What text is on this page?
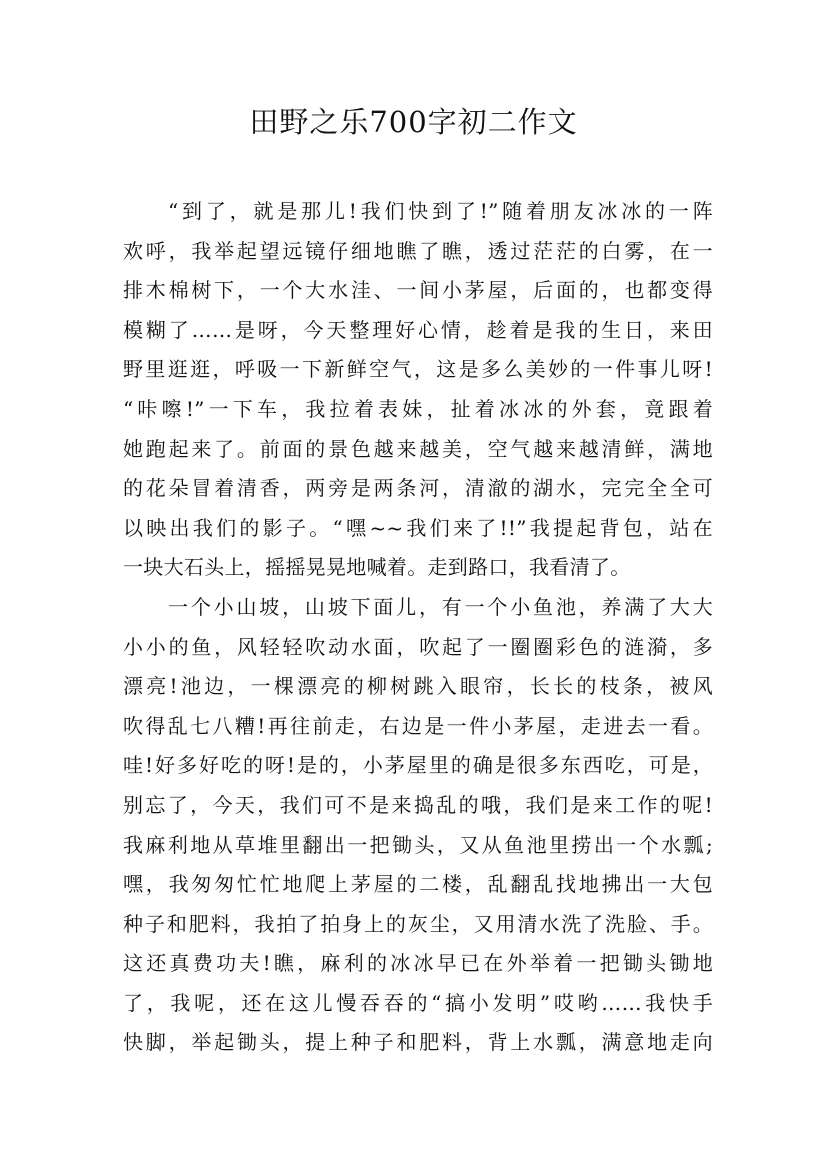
田野之乐700字初二作文
“到了，就是那儿!我们快到了!”随着朋友冰冰的一阵
欢呼，我举起望远镜仔细地瞧了瞧，透过茫茫的白雾，在一
排木棉树下，一个大水洼、一间小茅屋，后面的，也都变得
模糊了……是呀，今天整理好心情，趁着是我的生日，来田
野里逛逛，呼吸一下新鲜空气，这是多么美妙的一件事儿呀!
“咔嚓!”一下车，我拉着表妹，扯着冰冰的外套，竟跟着
她跑起来了。前面的景色越来越美，空气越来越清鲜，满地
的花朵冒着清香，两旁是两条河，清澈的湖水，完完全全可
以映出我们的影子。“嘿~~我们来了!!”我提起背包，站在
一块大石头上，摇摇晃晃地喊着。走到路口，我看清了。
一个小山坡，山坡下面儿，有一个小鱼池，养满了大大
小小的鱼，风轻轻吹动水面，吹起了一圈圈彩色的涟漪，多
漂亮!池边，一棵漂亮的柳树跳入眼帘，长长的枝条，被风
吹得乱七八糟!再往前走，右边是一件小茅屋，走进去一看。
哇!好多好吃的呀!是的，小茅屋里的确是很多东西吃，可是，
别忘了，今天，我们可不是来捣乱的哦，我们是来工作的呢!
我麻利地从草堆里翻出一把锄头，又从鱼池里捞出一个水瓢;
嘿，我匆匆忙忙地爬上茅屋的二楼，乱翻乱找地拂出一大包
种子和肥料，我拍了拍身上的灰尘，又用清水洗了洗脸、手。
这还真费功夫!瞧，麻利的冰冰早已在外举着一把锄头锄地
了，我呢，还在这儿慢吞吞的“搞小发明”哎哟……我快手
快脚，举起锄头，提上种子和肥料，背上水瓢，满意地走向
